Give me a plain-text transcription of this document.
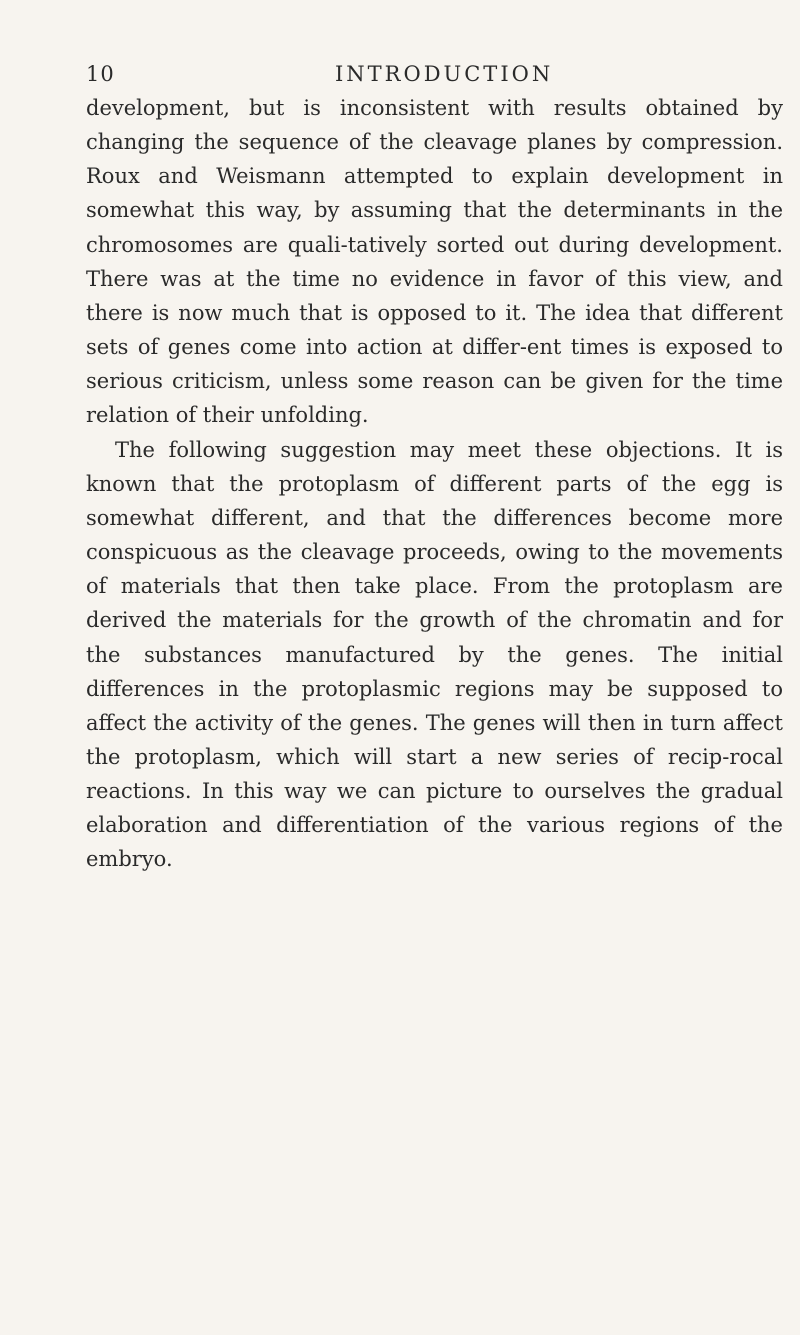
10	INTRODUCTION

development, but is inconsistent with results obtained by changing the sequence of the cleavage planes by compression. Roux and Weismann attempted to explain development in somewhat this way, by assuming that the determinants in the chromosomes are quali-tatively sorted out during development. There was at the time no evidence in favor of this view, and there is now much that is opposed to it. The idea that different sets of genes come into action at differ-ent times is exposed to serious criticism, unless some reason can be given for the time relation of their unfolding.

The following suggestion may meet these objections. It is known that the protoplasm of different parts of the egg is somewhat different, and that the differences become more conspicuous as the cleavage proceeds, owing to the movements of materials that then take place. From the protoplasm are derived the materials for the growth of the chromatin and for the substances manufactured by the genes. The initial differences in the protoplasmic regions may be supposed to affect the activity of the genes. The genes will then in turn affect the protoplasm, which will start a new series of recip-rocal reactions. In this way we can picture to ourselves the gradual elaboration and differentiation of the various regions of the embryo.
